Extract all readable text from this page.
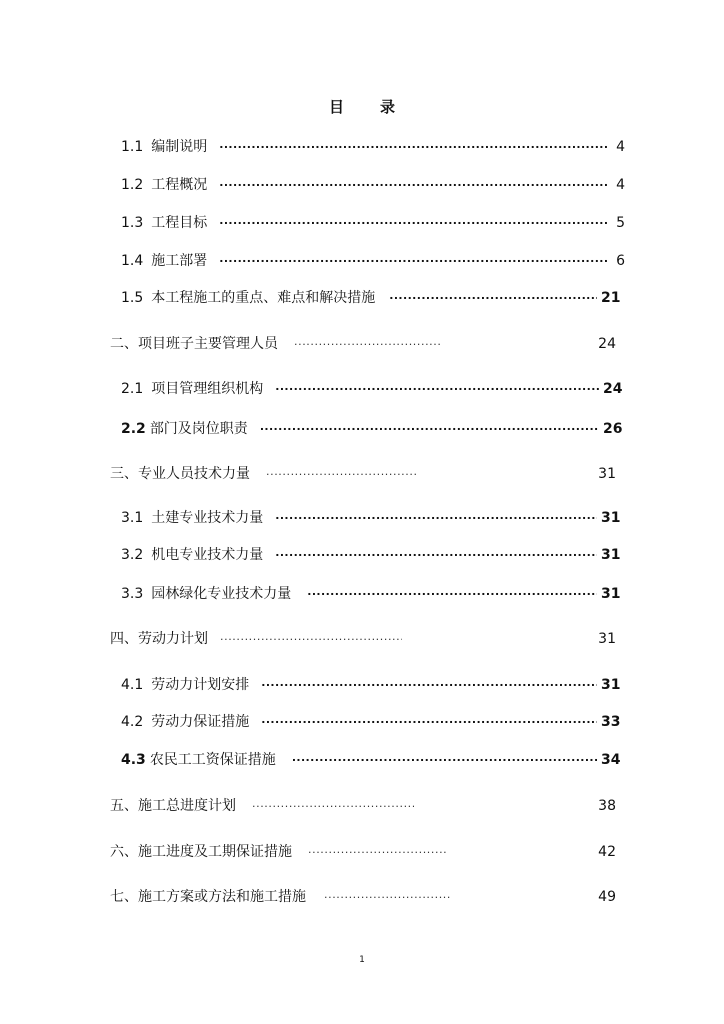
目 录
1.1 编制说明 .....	4
1.2 工程概况 .....	4
1.3 工程目标 .....	5
1.4 施工部署 .....	6
1.5 本工程施工的重点、难点和解决措施 .....	21
二、项目班子主要管理人员 .....	24
2.1 项目管理组织机构 .....	24
2.2 部门及岗位职责 .....	26
三、专业人员技术力量 .....	31
3.1 土建专业技术力量 .....	31
3.2 机电专业技术力量 .....	31
3.3 园林绿化专业技术力量 .....	31
四、劳动力计划 .....	31
4.1 劳动力计划安排 .....	31
4.2 劳动力保证措施 .....	33
4.3 农民工工资保证措施 .....	34
五、施工总进度计划 .....	38
六、施工进度及工期保证措施 .....	42
七、施工方案或方法和施工措施 .....	49
1
